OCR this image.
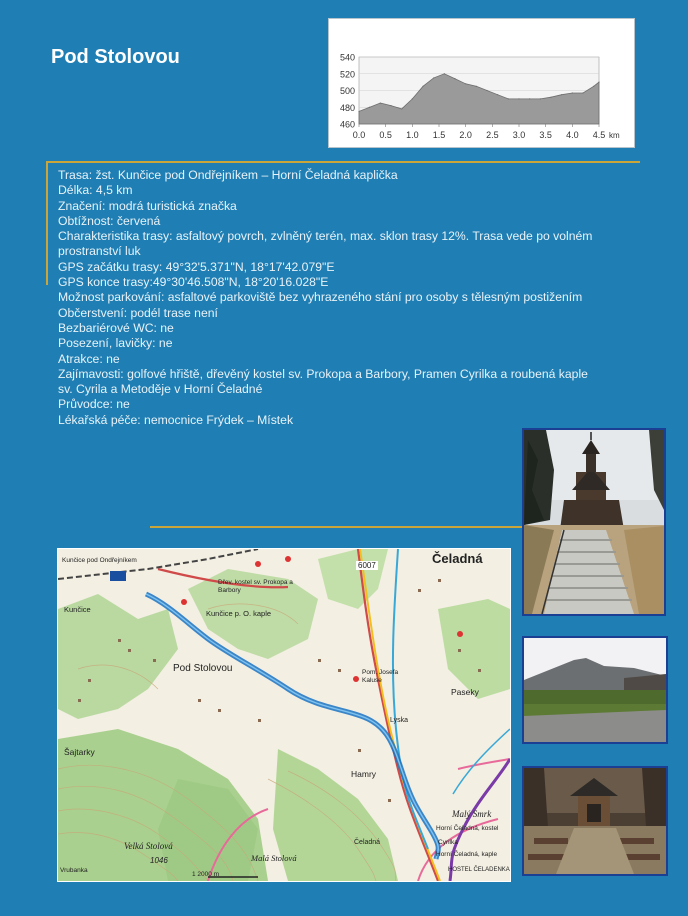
Pod Stolovou	540
520
500
480
460
0.0 0.5 1.0 1.5 2.0 2.5 3.0 3.5 4.0 4.5 km
Trasa: žst. Kunčice pod Ondřejníkem – Horní Čeladná kaplička
Délka: 4,5 km
Značení: modrá turistická značka
Obtížnost: červená
Charakteristika trasy: asfaltový povrch, zvlněný terén, max. sklon trasy 12%. Trasa vede po volném
prostranství luk
GPS začátku trasy: 49°32'5.371"N, 18°17'42.079"E
GPS konce trasy:49°30'46.508"N, 18°20'16.028"E
Možnost parkování: asfaltové parkoviště bez vyhrazeného stání pro osoby s tělesným postižením
Občerstvení: podél trase není
Bezbariérové WC: ne
Posezení, lavičky: ne
Atrakce: ne
Zajímavosti: golfové hřiště, dřevěný kostel sv. Prokopa a Barbory, Pramen Cyrilka a roubená kaple
sv. Cyrila a Metoděje v Horní Čeladné
Průvodce: ne
Lékařská péče: nemocnice Frýdek – Místek
Čeladná
Pod Stolovou
Paseky
Hamry
Šajtarky
Velká Stolová
1046	Malá Stolová
Malý Smrk
6007
Kunčice p. O. kaple
Kunčice
Kunčice pod Ondřejníkem
Dřev. kostel sv. Prokopa a Barbory
Pom. Josefa Kaluse
Horní Čeladná, kostel
Cyrilka
Horní Čeladná, kaple
HOSTEL ČELADENKA
Čeladná
Lyska
Vrubanka
1 2000 m
